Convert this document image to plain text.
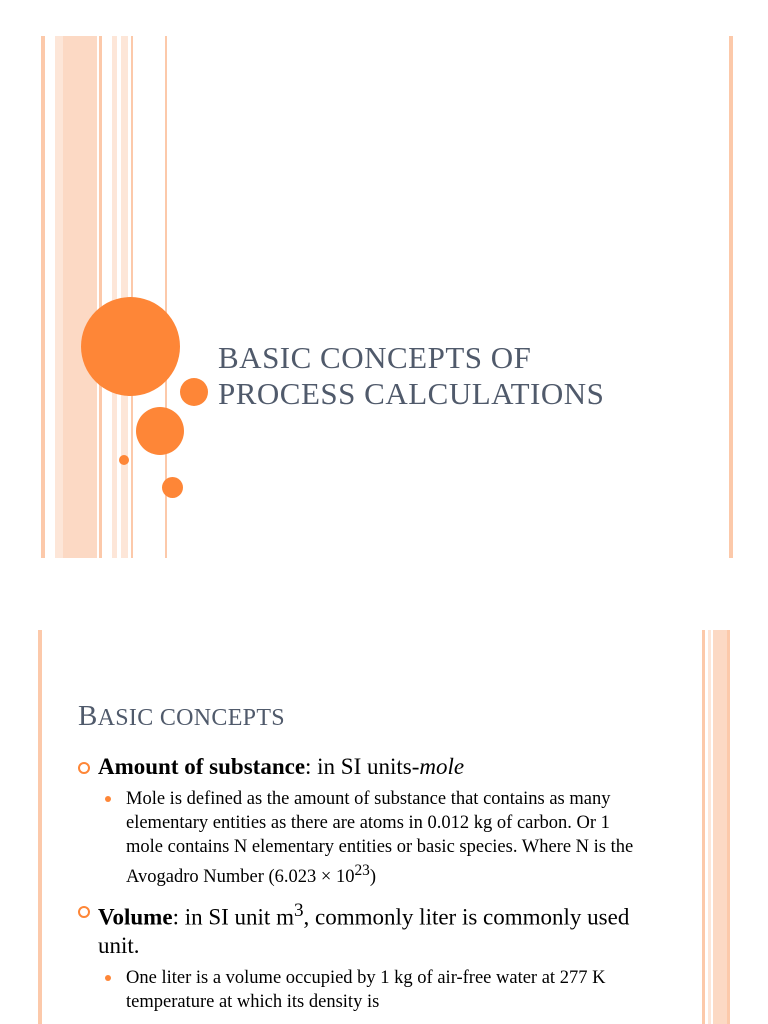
BASIC CONCEPTS OF
PROCESS CALCULATIONS
BASIC CONCEPTS
Amount of substance: in SI units-mole
Mole is defined as the amount of substance that contains as many elementary entities as there are atoms in 0.012 kg of carbon. Or 1 mole contains N elementary entities or basic species. Where N is the Avogadro Number $(6.023 \times 10^{23})$
Volume: in SI unit $m^3$, commonly liter is commonly used unit.
One liter is a volume occupied by 1 kg of air-free water at 277 K temperature at which its density is
